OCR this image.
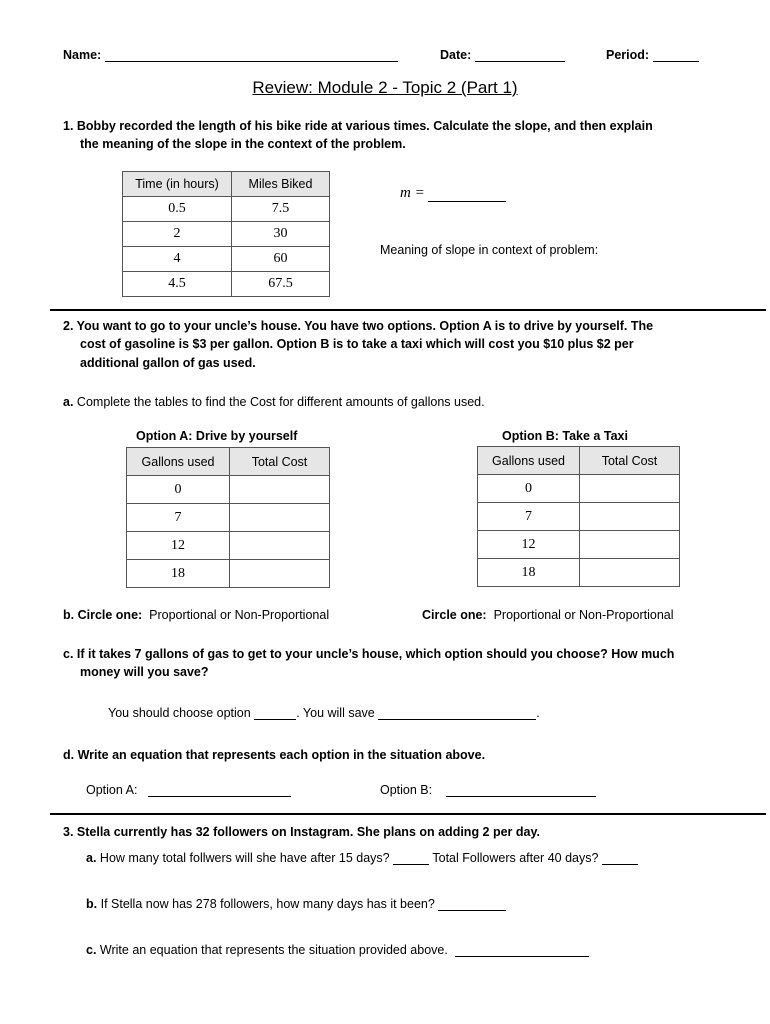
Name:	Date:	Period:
Review: Module 2 - Topic 2 (Part 1)
1. Bobby recorded the length of his bike ride at various times. Calculate the slope, and then explain
the meaning of the slope in the context of the problem.
Time (in hours)	Miles Biked
0.5	7.5
2	30
4	60
4.5	67.5
m =
Meaning of slope in context of problem:
2. You want to go to your uncle’s house. You have two options. Option A is to drive by yourself. The
cost of gasoline is $3 per gallon. Option B is to take a taxi which will cost you $10 plus $2 per
additional gallon of gas used.
a. Complete the tables to find the Cost for different amounts of gallons used.
Option A: Drive by yourself
Gallons used	Total Cost
0	
7	
12	
18	
Option B: Take a Taxi
Gallons used	Total Cost
0	
7	
12	
18	
b. Circle one: Proportional or Non-Proportional	Circle one: Proportional or Non-Proportional
c. If it takes 7 gallons of gas to get to your uncle’s house, which option should you choose? How much
money will you save?
You should choose option	. You will save	.
d. Write an equation that represents each option in the situation above.
Option A:	Option B:
3. Stella currently has 32 followers on Instagram. She plans on adding 2 per day.
a. How many total follwers will she have after 15 days?	Total Followers after 40 days?
b. If Stella now has 278 followers, how many days has it been?
c. Write an equation that represents the situation provided above.
